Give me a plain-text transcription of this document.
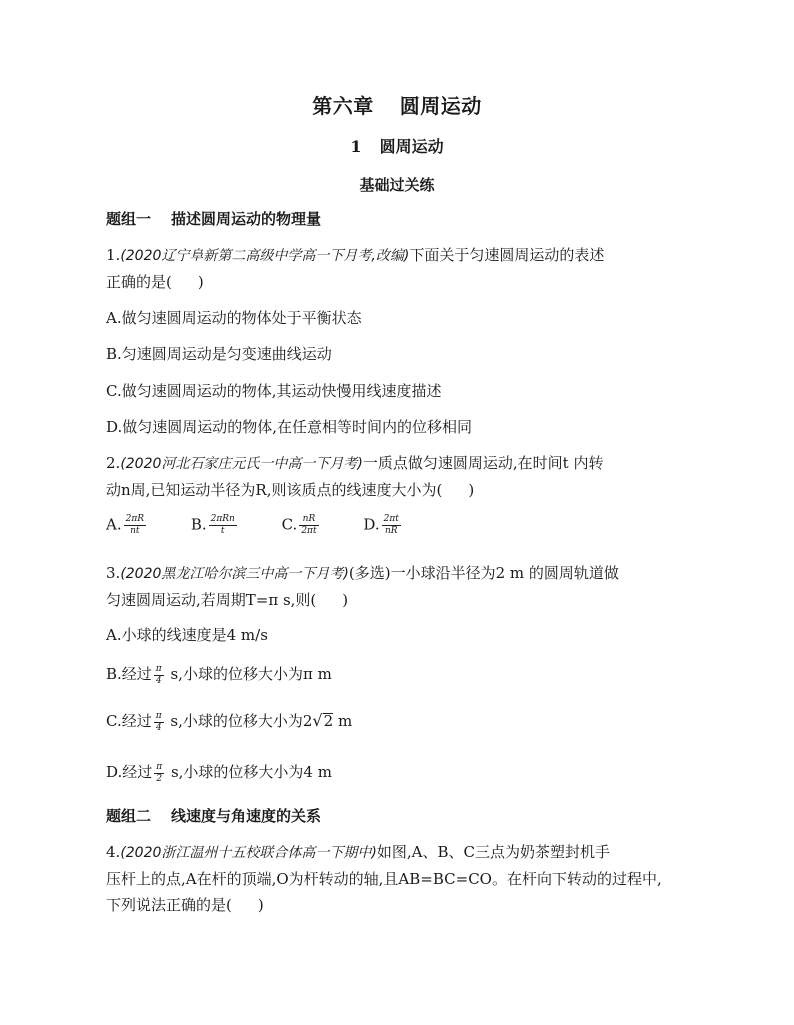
第六章 圆周运动
1 圆周运动
基础过关练
题组一 描述圆周运动的物理量
1.(2020辽宁阜新第二高级中学高一下月考,改编)下面关于匀速圆周运动的表述
正确的是( )
A.做匀速圆周运动的物体处于平衡状态
B.匀速圆周运动是匀变速曲线运动
C.做匀速圆周运动的物体,其运动快慢用线速度描述
D.做匀速圆周运动的物体,在任意相等时间内的位移相同
2.(2020河北石家庄元氏一中高一下月考)一质点做匀速圆周运动,在时间t 内转
动n周,已知运动半径为R,则该质点的线速度大小为( )
A. $\frac{2\pi R}{nt}$	B. $\frac{\text{2πRn}}{t}$	C. $\frac{nR}{2\pi t}$	D. $\frac{2\pi t}{nR}$
3.(2020黑龙江哈尔滨三中高一下月考)(多选)一小球沿半径为2 m 的圆周轨道做
匀速圆周运动,若周期T=π s,则( )
A.小球的线速度是4 m/s
B.经过 $\frac{\pi}{4} s$,小球的位移大小为π m
C.经过 $\frac{\pi}{4} s$,小球的位移大小为2√2 m
D.经过 $\frac{\pi}{2} s$,小球的位移大小为4 m
题组二 线速度与角速度的关系
4.(2020浙江温州十五校联合体高一下期中)如图,A、B、C三点为奶茶塑封机手
压杆上的点,A在杆的顶端,O为杆转动的轴,且AB=BC=CO。在杆向下转动的过程中,
下列说法正确的是( )
